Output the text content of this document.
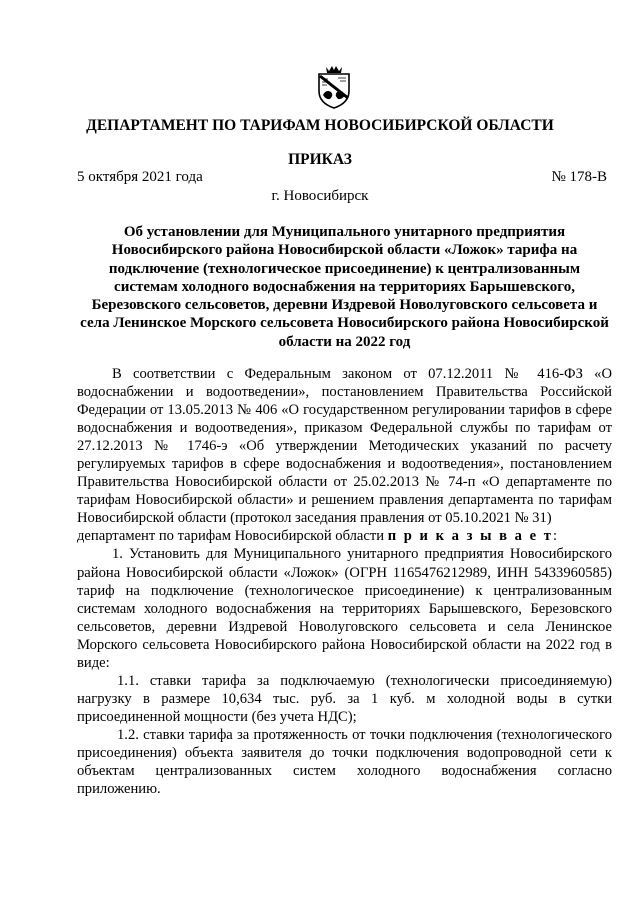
ДЕПАРТАМЕНТ ПО ТАРИФАМ НОВОСИБИРСКОЙ ОБЛАСТИ
ПРИКАЗ
5 октября 2021 года	№ 178-В
г. Новосибирск
Об установлении для Муниципального унитарного предприятия Новосибирского района Новосибирской области «Ложок» тарифа на подключение (технологическое присоединение) к централизованным системам холодного водоснабжения на территориях Барышевского, Березовского сельсоветов, деревни Издревой Новолуговского сельсовета и села Ленинское Морского сельсовета Новосибирского района Новосибирской области на 2022 год

В соответствии с Федеральным законом от 07.12.2011 № 416-ФЗ «О водоснабжении и водоотведении», постановлением Правительства Российской Федерации от 13.05.2013 № 406 «О государственном регулировании тарифов в сфере водоснабжения и водоотведения», приказом Федеральной службы по тарифам от 27.12.2013 № 1746-э «Об утверждении Методических указаний по расчету регулируемых тарифов в сфере водоснабжения и водоотведения», постановлением Правительства Новосибирской области от 25.02.2013 № 74-п «О департаменте по тарифам Новосибирской области» и решением правления департамента по тарифам Новосибирской области (протокол заседания правления от 05.10.2021 № 31)

департамент по тарифам Новосибирской области п р и к а з ы в а е т:

1. Установить для Муниципального унитарного предприятия Новосибирского района Новосибирской области «Ложок» (ОГРН 1165476212989, ИНН 5433960585) тариф на подключение (технологическое присоединение) к централизованным системам холодного водоснабжения на территориях Барышевского, Березовского сельсоветов, деревни Издревой Новолуговского сельсовета и села Ленинское Морского сельсовета Новосибирского района Новосибирской области на 2022 год в виде:

1.1. ставки тарифа за подключаемую (технологически присоединяемую) нагрузку в размере 10,634 тыс. руб. за 1 куб. м холодной воды в сутки присоединенной мощности (без учета НДС);

1.2. ставки тарифа за протяженность от точки подключения (технологического присоединения) объекта заявителя до точки подключения водопроводной сети к объектам централизованных систем холодного водоснабжения согласно приложению.
